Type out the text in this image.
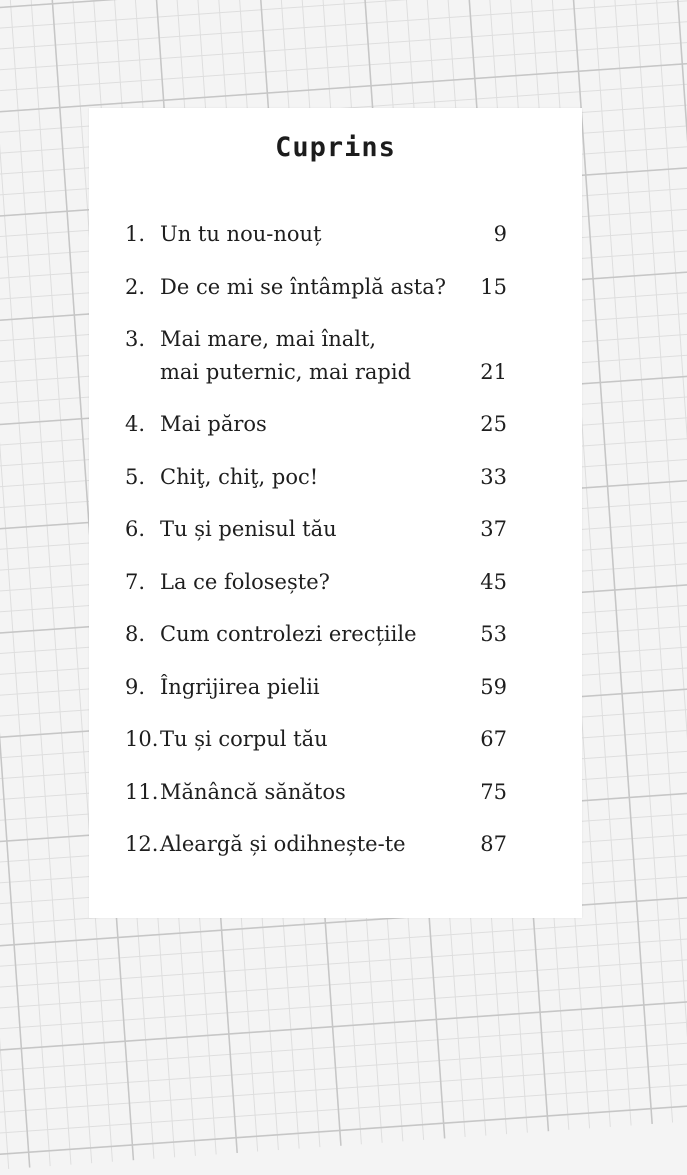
Cuprins
1. Un tu nou-nouț	9
2. De ce mi se întâmplă asta?	15
3. Mai mare, mai înalt,
mai puternic, mai rapid	21
4. Mai păros	25
5. Chiţ, chiţ, poc!	33
6. Tu și penisul tău	37
7. La ce folosește?	45
8. Cum controlezi erecțiile	53
9. Îngrijirea pielii	59
10. Tu și corpul tău	67
11. Mănâncă sănătos	75
12. Aleargă și odihnește-te	87
